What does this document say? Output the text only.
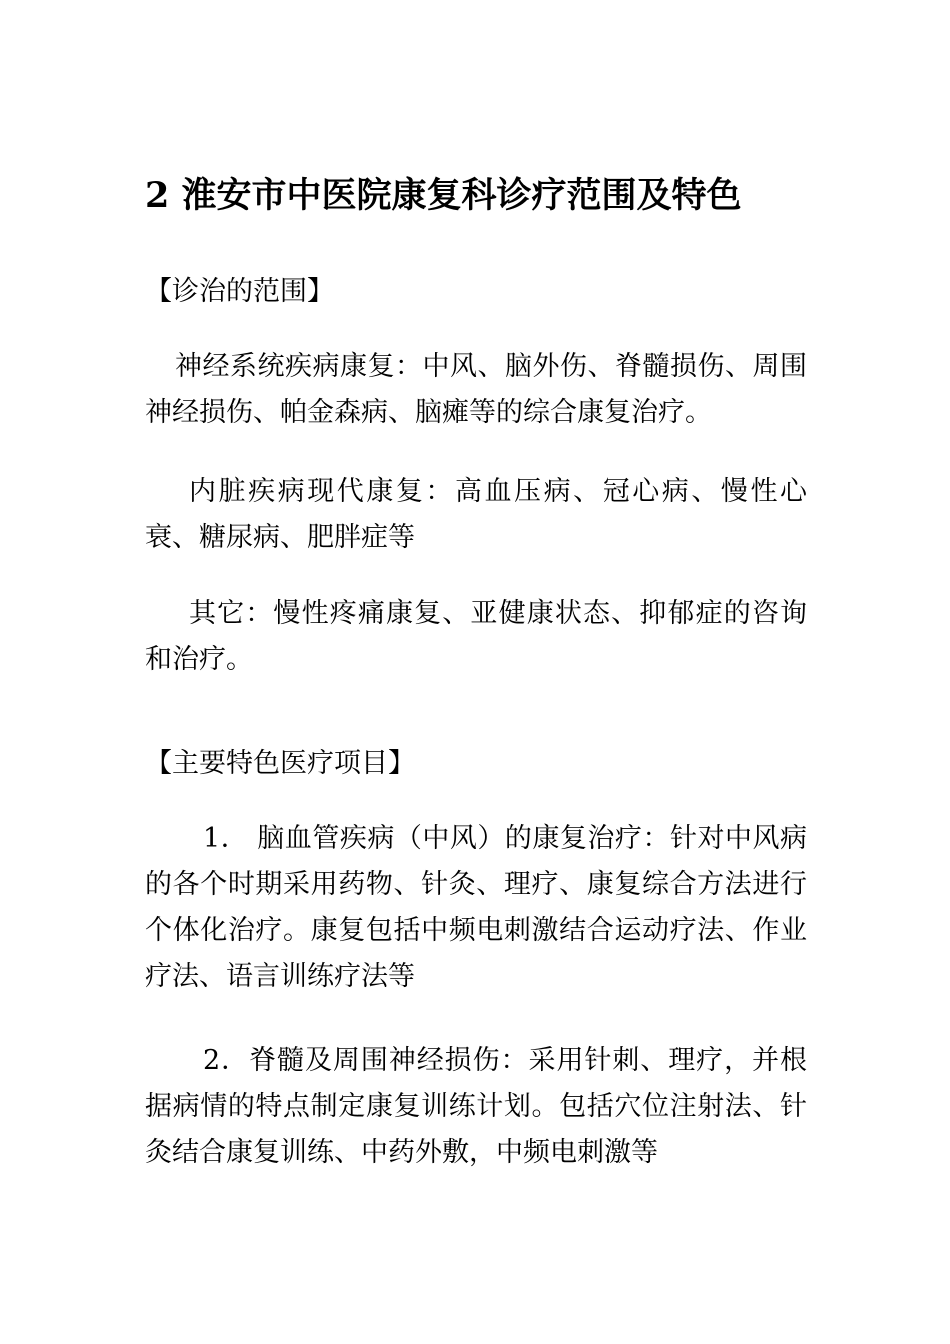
2 淮安市中医院康复科诊疗范围及特色
【诊治的范围】
神经系统疾病康复：中风、脑外伤、脊髓损伤、周围神经损伤、帕金森病、脑瘫等的综合康复治疗。
内脏疾病现代康复：高血压病、冠心病、慢性心衰、糖尿病、肥胖症等
其它：慢性疼痛康复、亚健康状态、抑郁症的咨询和治疗。
【主要特色医疗项目】
1． 脑血管疾病（中风）的康复治疗：针对中风病的各个时期采用药物、针灸、理疗、康复综合方法进行个体化治疗。康复包括中频电刺激结合运动疗法、作业疗法、语言训练疗法等
2．脊髓及周围神经损伤：采用针刺、理疗，并根据病情的特点制定康复训练计划。包括穴位注射法、针灸结合康复训练、中药外敷，中频电刺激等
